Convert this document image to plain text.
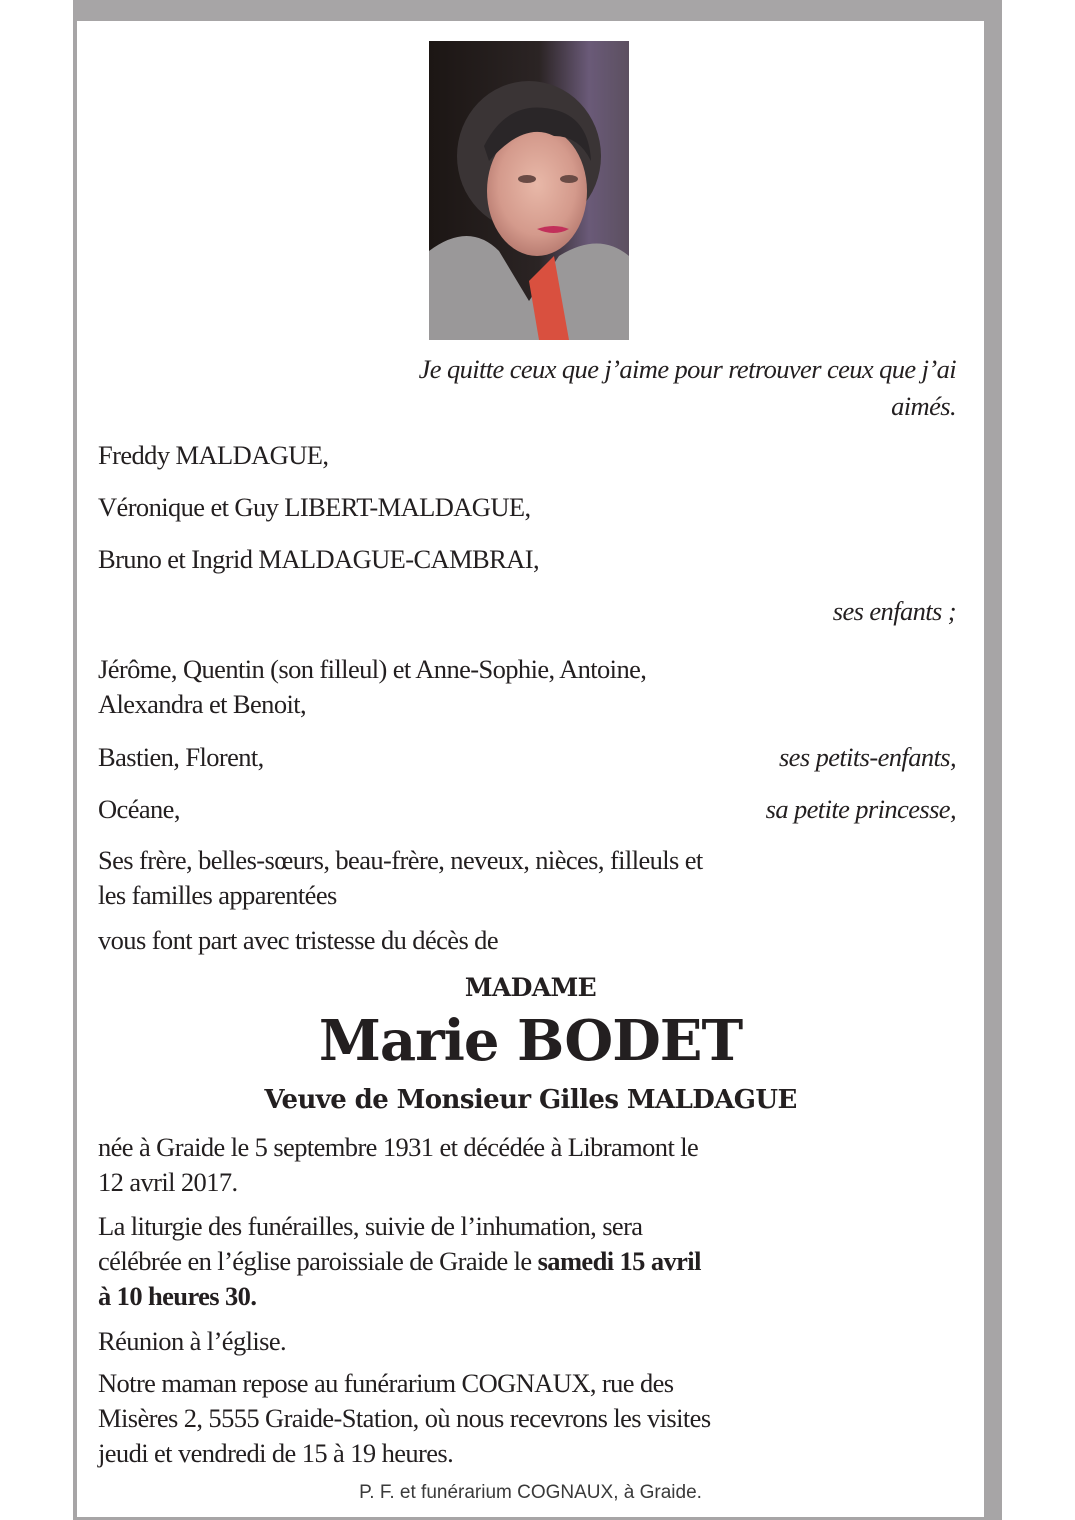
Je quitte ceux que j’aime pour retrouver ceux que j’ai
aimés.
Freddy MALDAGUE,
Véronique et Guy LIBERT-MALDAGUE,
Bruno et Ingrid MALDAGUE-CAMBRAI,
ses enfants ;
Jérôme, Quentin (son filleul) et Anne-Sophie, Antoine,
Alexandra et Benoit,
Bastien, Florent,	ses petits-enfants,
Océane,	sa petite princesse,
Ses frère, belles-sœurs, beau-frère, neveux, nièces, filleuls et
les familles apparentées
vous font part avec tristesse du décès de
MADAME
Marie BODET
Veuve de Monsieur Gilles MALDAGUE
née à Graide le 5 septembre 1931 et décédée à Libramont le
12 avril 2017.
La liturgie des funérailles, suivie de l’inhumation, sera
célébrée en l’église paroissiale de Graide le samedi 15 avril
à 10 heures 30.
Réunion à l’église.
Notre maman repose au funérarium COGNAUX, rue des
Misères 2, 5555 Graide-Station, où nous recevrons les visites
jeudi et vendredi de 15 à 19 heures.
P. F. et funérarium COGNAUX, à Graide.
